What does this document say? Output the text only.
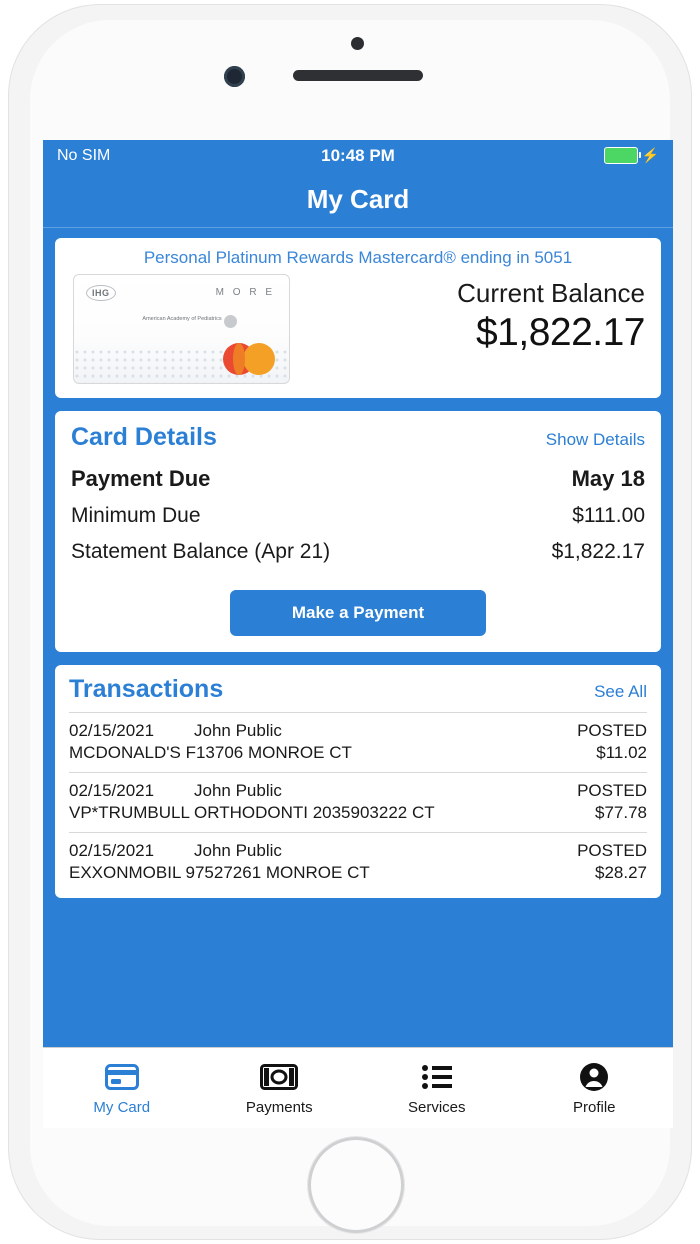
No SIM	10:48 PM	⚡
My Card
Personal Platinum Rewards Mastercard® ending in 5051
IHG	M O R E
American Academy of Pediatrics
Current Balance
$1,822.17
Card Details	Show Details
Payment Due	May 18
Minimum Due	$111.00
Statement Balance (Apr 21)	$1,822.17
Make a Payment
Transactions	See All
02/15/2021	John Public	POSTED
MCDONALD'S F13706 MONROE CT	$11.02
02/15/2021	John Public	POSTED
VP*TRUMBULL ORTHODONTI 2035903222 CT	$77.78
02/15/2021	John Public	POSTED
EXXONMOBIL 97527261 MONROE CT	$28.27
My Card	Payments	Services	Profile
